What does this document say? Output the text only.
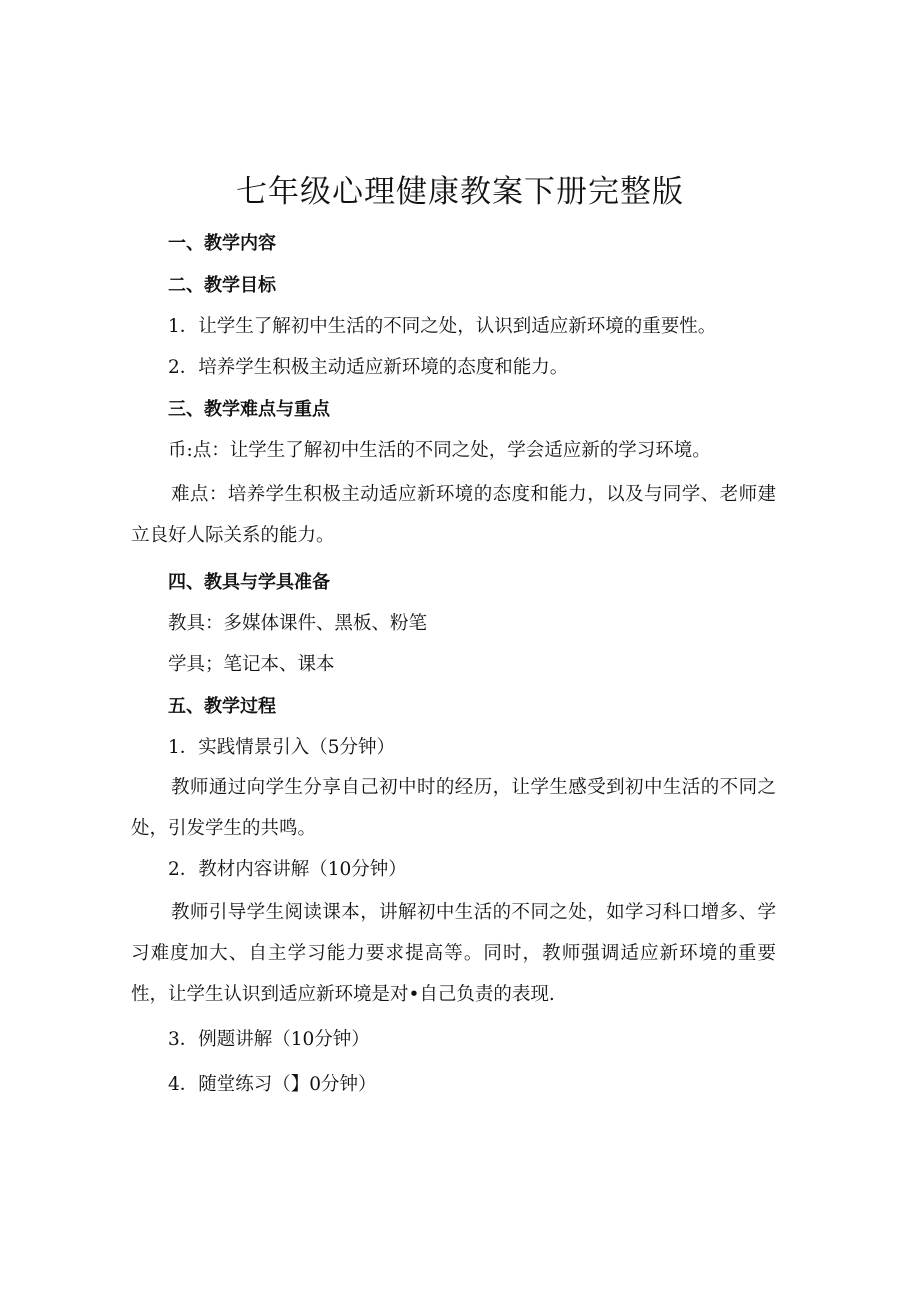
七年级心理健康教案下册完整版
一、教学内容
二、教学目标
1．让学生了解初中生活的不同之处，认识到适应新环境的重要性。
2．培养学生积极主动适应新环境的态度和能力。
三、教学难点与重点
币:点：让学生了解初中生活的不同之处，学会适应新的学习环境。

难点：培养学生积极主动适应新环境的态度和能力，以及与同学、老师建立良好人际关系的能力。

四、教具与学具准备
教具：多媒体课件、黑板、粉笔
学具；笔记本、课本
五、教学过程
1．实践情景引入（5分钟）

教师通过向学生分享自己初中时的经历，让学生感受到初中生活的不同之处，引发学生的共鸣。

2．教材内容讲解（10分钟）

教师引导学生阅读课本，讲解初中生活的不同之处，如学习科口增多、学习难度加大、自主学习能力要求提高等。同时，教师强调适应新环境的重要性，让学生认识到适应新环境是对•自己负责的表现.

3．例题讲解（10分钟）
4．随堂练习（】0分钟）
